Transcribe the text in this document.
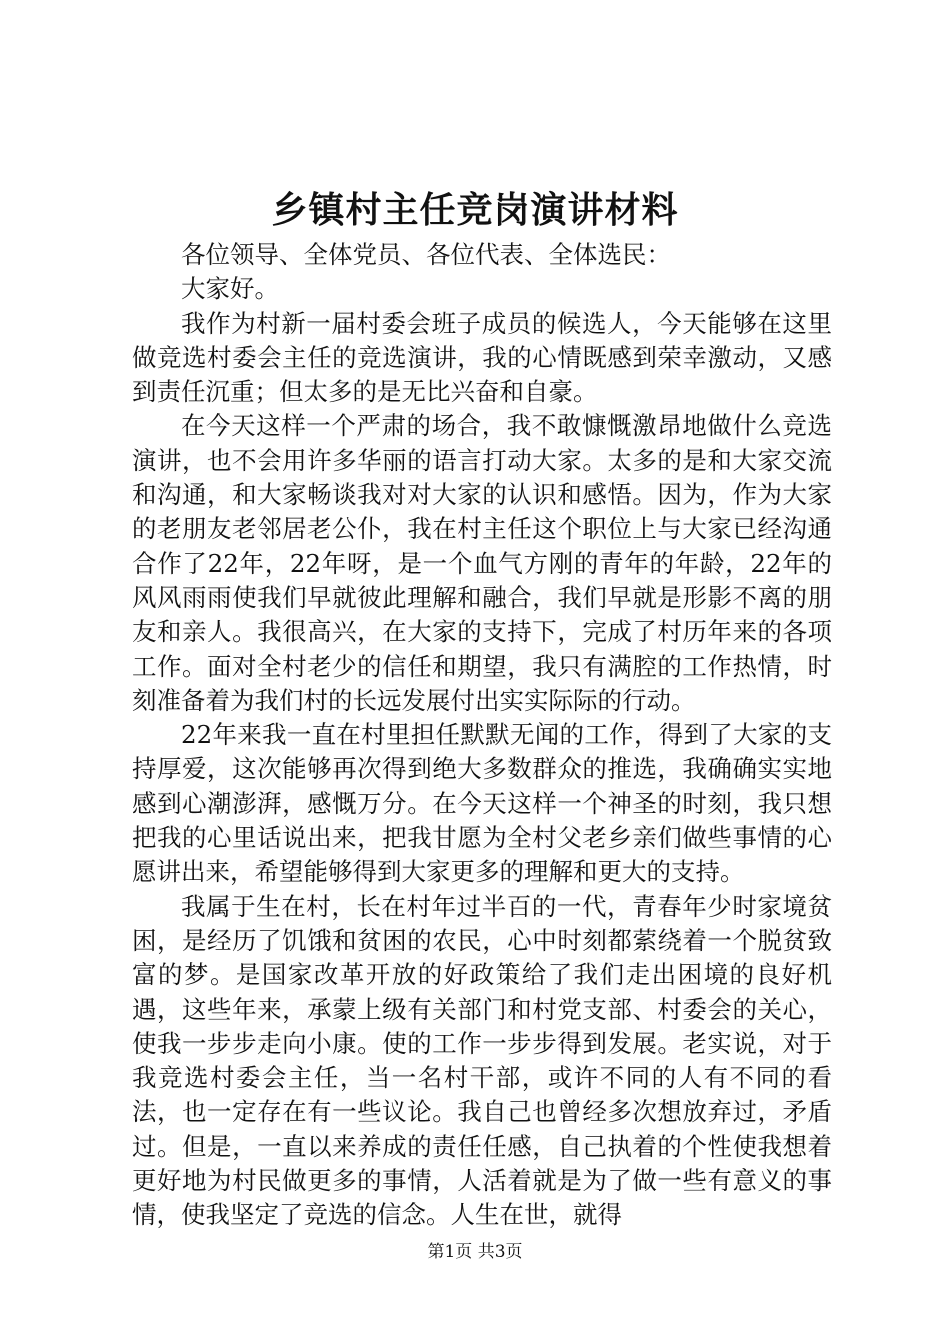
乡镇村主任竞岗演讲材料

各位领导、全体党员、各位代表、全体选民：

大家好。

我作为村新一届村委会班子成员的候选人，今天能够在这里做竞选村委会主任的竞选演讲，我的心情既感到荣幸激动，又感到责任沉重；但太多的是无比兴奋和自豪。

在今天这样一个严肃的场合，我不敢慷慨激昂地做什么竞选演讲，也不会用许多华丽的语言打动大家。太多的是和大家交流和沟通，和大家畅谈我对对大家的认识和感悟。因为，作为大家的老朋友老邻居老公仆，我在村主任这个职位上与大家已经沟通合作了22年，22年呀，是一个血气方刚的青年的年龄，22年的风风雨雨使我们早就彼此理解和融合，我们早就是形影不离的朋友和亲人。我很高兴，在大家的支持下，完成了村历年来的各项工作。面对全村老少的信任和期望，我只有满腔的工作热情，时刻准备着为我们村的长远发展付出实实际际的行动。

22年来我一直在村里担任默默无闻的工作，得到了大家的支持厚爱，这次能够再次得到绝大多数群众的推选，我确确实实地感到心潮澎湃，感慨万分。在今天这样一个神圣的时刻，我只想把我的心里话说出来，把我甘愿为全村父老乡亲们做些事情的心愿讲出来，希望能够得到大家更多的理解和更大的支持。

我属于生在村，长在村年过半百的一代，青春年少时家境贫困，是经历了饥饿和贫困的农民，心中时刻都萦绕着一个脱贫致富的梦。是国家改革开放的好政策给了我们走出困境的良好机遇，这些年来，承蒙上级有关部门和村党支部、村委会的关心，使我一步步走向小康。使的工作一步步得到发展。老实说，对于我竞选村委会主任，当一名村干部，或许不同的人有不同的看法，也一定存在有一些议论。我自己也曾经多次想放弃过，矛盾过。但是，一直以来养成的责任任感，自己执着的个性使我想着更好地为村民做更多的事情，人活着就是为了做一些有意义的事情，使我坚定了竞选的信念。人生在世，就得

第1页 共3页
